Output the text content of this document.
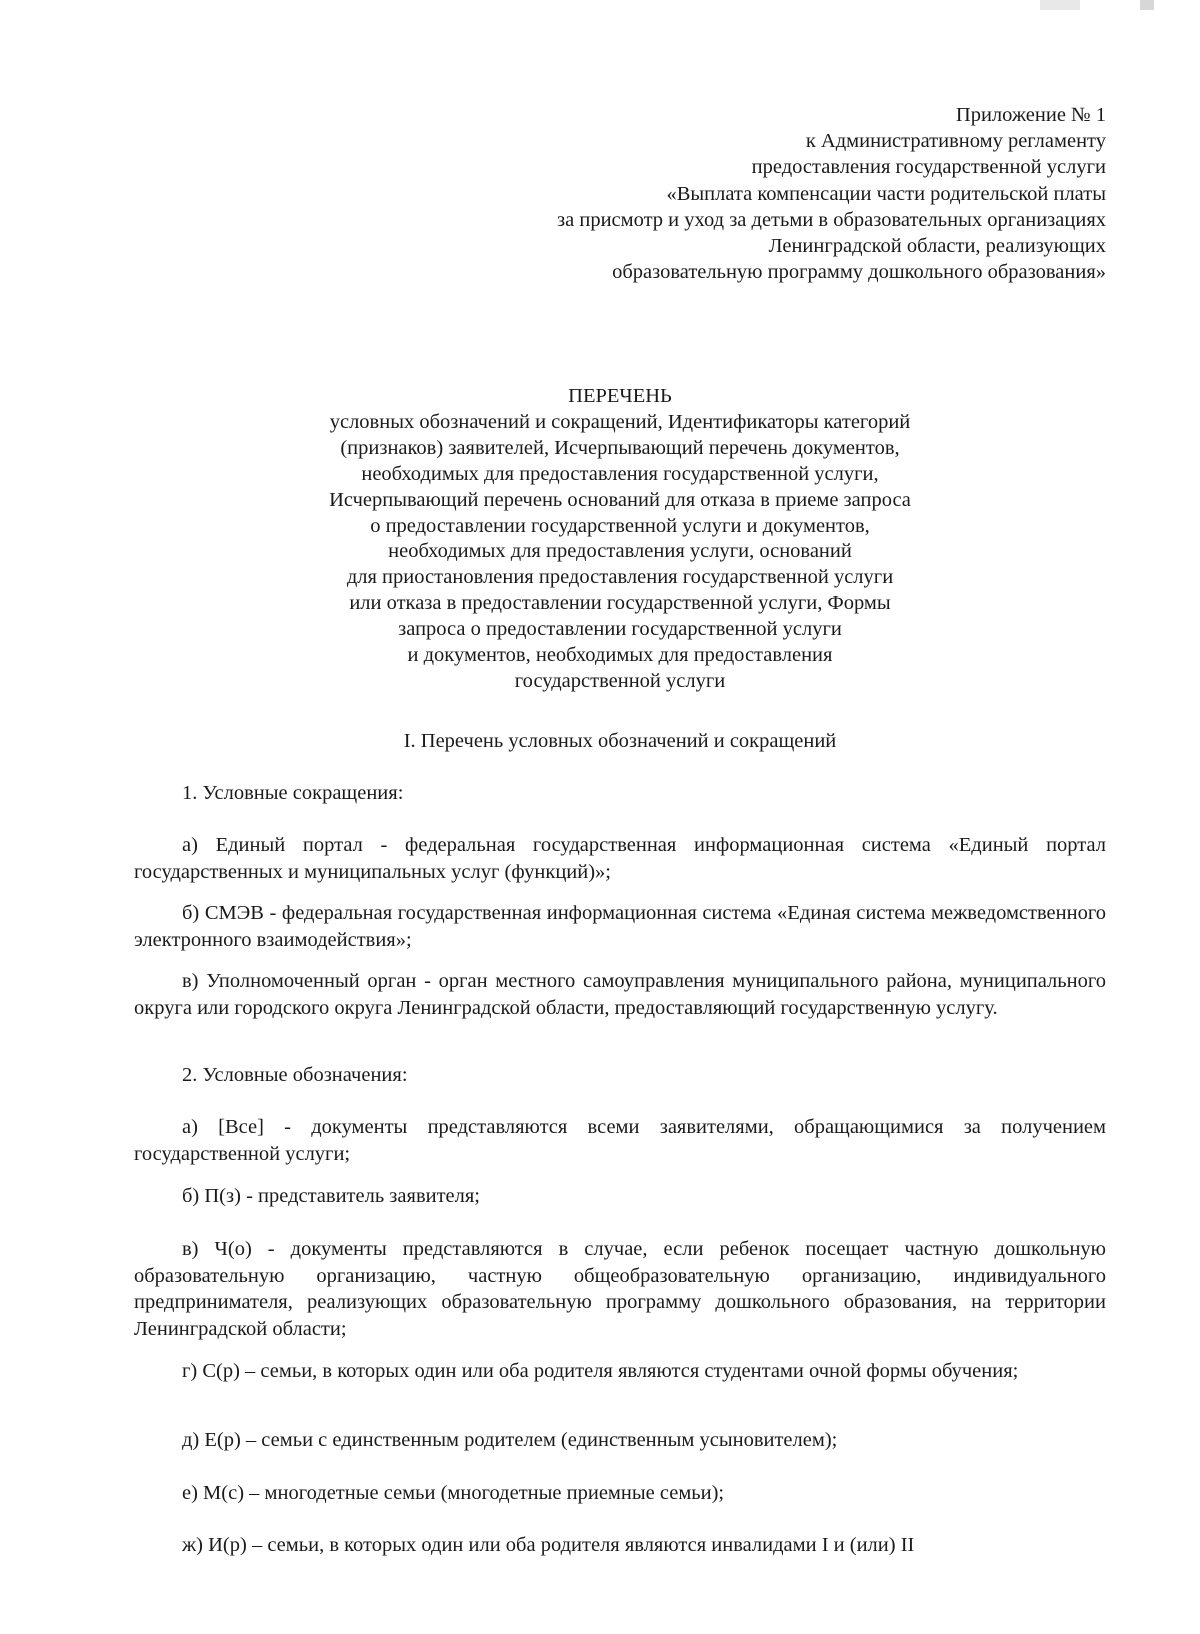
Приложение № 1
к Административному регламенту
предоставления государственной услуги
«Выплата компенсации части родительской платы
за присмотр и уход за детьми в образовательных организациях
Ленинградской области, реализующих
образовательную программу дошкольного образования»
ПЕРЕЧЕНЬ
условных обозначений и сокращений, Идентификаторы категорий
(признаков) заявителей, Исчерпывающий перечень документов,
необходимых для предоставления государственной услуги,
Исчерпывающий перечень оснований для отказа в приеме запроса
о предоставлении государственной услуги и документов,
необходимых для предоставления услуги, оснований
для приостановления предоставления государственной услуги
или отказа в предоставлении государственной услуги, Формы
запроса о предоставлении государственной услуги
и документов, необходимых для предоставления
государственной услуги
I. Перечень условных обозначений и сокращений
1. Условные сокращения:
а) Единый портал - федеральная государственная информационная система «Единый портал государственных и муниципальных услуг (функций)»;
б) СМЭВ - федеральная государственная информационная система «Единая система межведомственного электронного взаимодействия»;
в) Уполномоченный орган - орган местного самоуправления муниципального района, муниципального округа или городского округа Ленинградской области, предоставляющий государственную услугу.
2. Условные обозначения:
а) [Все] - документы представляются всеми заявителями, обращающимися за получением государственной услуги;
б) П(з) - представитель заявителя;
в) Ч(о) - документы представляются в случае, если ребенок посещает частную дошкольную образовательную организацию, частную общеобразовательную организацию, индивидуального предпринимателя, реализующих образовательную программу дошкольного образования, на территории Ленинградской области;
г) С(р) – семьи, в которых один или оба родителя являются студентами очной формы обучения;
д) Е(р) – семьи с единственным родителем (единственным усыновителем);
е) М(с) – многодетные семьи (многодетные приемные семьи);
ж) И(р) – семьи, в которых один или оба родителя являются инвалидами I и (или) II
